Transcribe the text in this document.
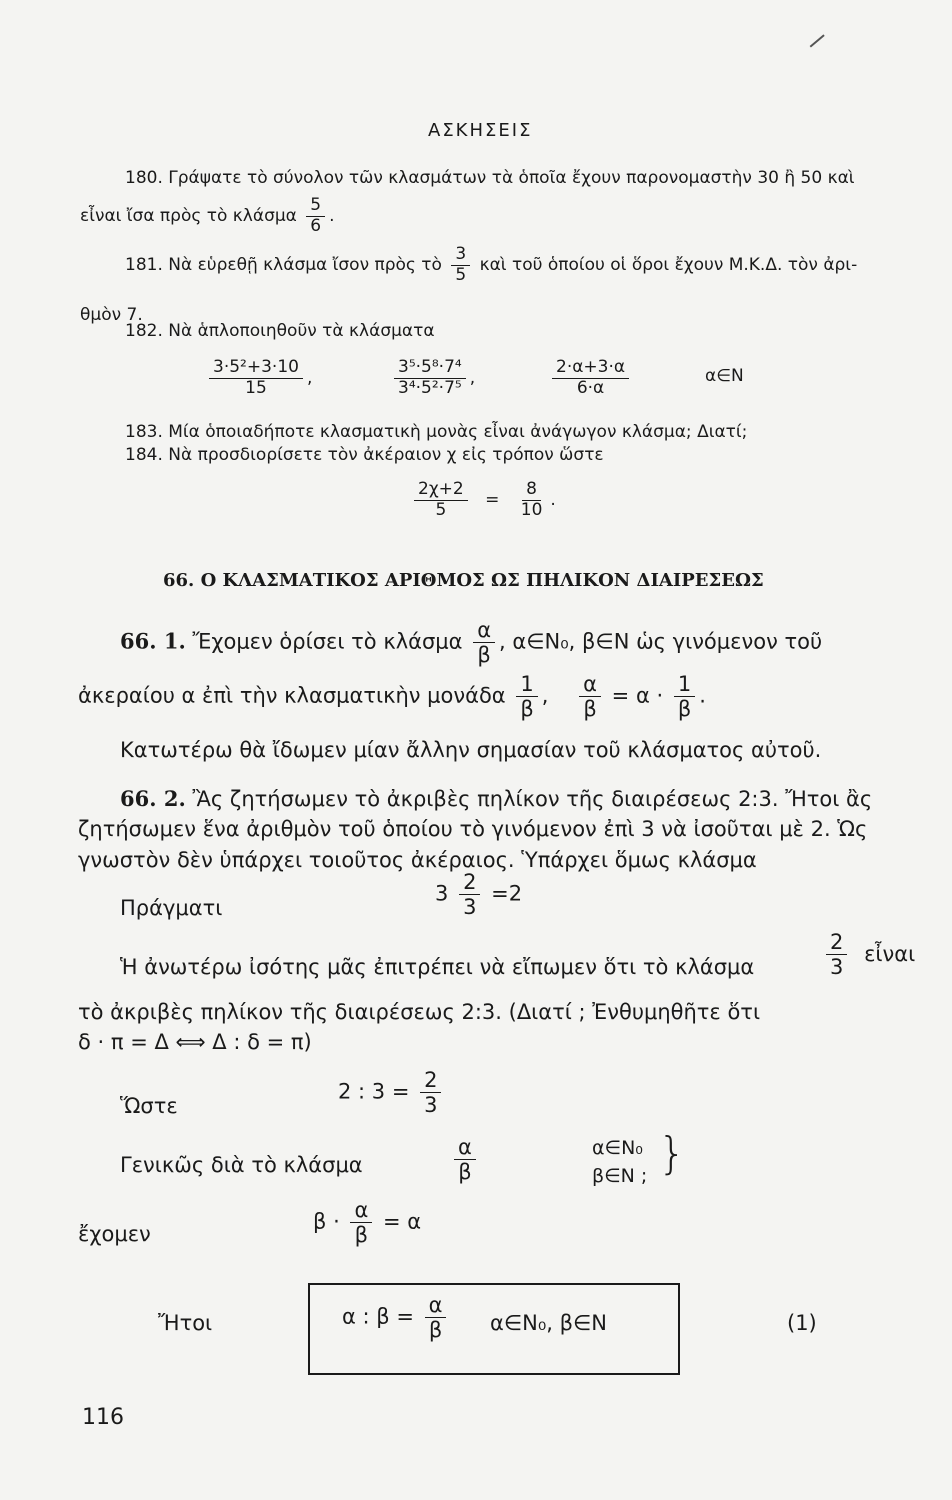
ΑΣΚΗΣΕΙΣ
180. Γράψατε τὸ σύνολον τῶν κλασμάτων τὰ ὁποῖα ἔχουν παρονομαστὴν 30 ἢ 50 καὶ
εἶναι ἴσα πρὸς τὸ κλάσμα $\frac{5}{6}$ .
181. Νὰ εὑρεθῇ κλάσμα ἴσον πρὸς τὸ $\frac{3}{5}$ καὶ τοῦ ὁποίου οἱ ὅροι ἔχουν Μ.Κ.Δ. τὸν ἀρι-
θμὸν 7.
182. Νὰ ἁπλοποιηθοῦν τὰ κλάσματα
$\frac{\text{3·5²+3·10}}{15}$ ,	$\frac{\text{3⁵·5⁸·7⁴}}{\text{3⁴·5²·7⁵}}$ ,	$\frac{2\cdot\alpha+3\cdot\alpha}{6\cdot\alpha}$	α∈N
183. Μία ὁποιαδήποτε κλασματικὴ μονὰς εἶναι ἀνάγωγον κλάσμα; Διατί;
184. Νὰ προσδιορίσετε τὸν ἀκέραιον χ εἰς τρόπον ὥστε
$\frac{2\chi+2}{5} = \frac{8}{10}$ .
66. Ο ΚΛΑΣΜΑΤΙΚΟΣ ΑΡΙΘΜΟΣ ΩΣ ΠΗΛΙΚΟΝ ΔΙΑΙΡΕΣΕΩΣ
66. 1. Ἔχομεν ὁρίσει τὸ κλάσμα $\frac{\alpha}{\beta}$ , α∈N₀, β∈N ὡς γινόμενον τοῦ
ἀκεραίου α ἐπὶ τὴν κλασματικὴν μονάδα $\frac{1}{\beta}$ , $\frac{\alpha}{\beta} = \alpha \cdot \frac{1}{\beta}$ .
Κατωτέρω θὰ ἴδωμεν μίαν ἄλλην σημασίαν τοῦ κλάσματος αὐτοῦ.
66. 2. Ἂς ζητήσωμεν τὸ ἀκριβὲς πηλίκον τῆς διαιρέσεως 2:3. Ἤτοι ἂς
ζητήσωμεν ἕνα ἀριθμὸν τοῦ ὁποίου τὸ γινόμενον ἐπὶ 3 νὰ ἰσοῦται μὲ 2. Ὡς
γνωστὸν δὲν ὑπάρχει τοιοῦτος ἀκέραιος. Ὑπάρχει ὅμως κλάσμα
Πράγματι
$3 \frac{2}{3} =2$
Ἡ ἀνωτέρω ἰσότης μᾶς ἐπιτρέπει νὰ εἴπωμεν ὅτι τὸ κλάσμα	$\frac{2}{3}$ εἶναι
τὸ ἀκριβὲς πηλίκον τῆς διαιρέσεως 2:3. (Διατί ; Ἐνθυμηθῆτε ὅτι
δ · π = Δ ⟺ Δ : δ = π)
Ὥστε
2 : $3 = \frac{2}{3}$
Γενικῶς διὰ τὸ κλάσμα	$\frac{\alpha}{\beta}$	α∈N₀
β∈N ; }
ἔχομεν
$\beta \cdot \frac{\alpha}{\beta} = \alpha$
Ἤτοι	α : $\beta = \frac{\alpha}{\beta}$ α∈N₀, β∈N	(1)
116
